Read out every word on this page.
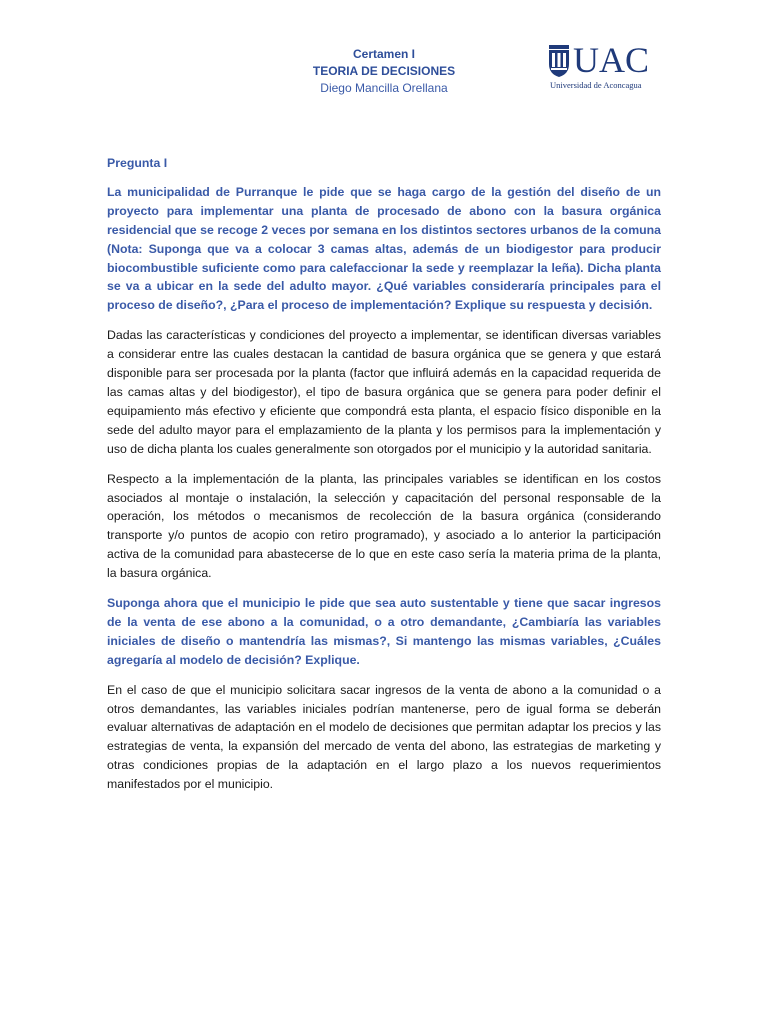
Certamen I
TEORIA DE DECISIONES
Diego Mancilla Orellana
UAC
Universidad de Aconcagua

Pregunta I

La municipalidad de Purranque le pide que se haga cargo de la gestión del diseño de un proyecto para implementar una planta de procesado de abono con la basura orgánica residencial que se recoge 2 veces por semana en los distintos sectores urbanos de la comuna (Nota: Suponga que va a colocar 3 camas altas, además de un biodigestor para producir biocombustible suficiente como para calefaccionar la sede y reemplazar la leña). Dicha planta se va a ubicar en la sede del adulto mayor. ¿Qué variables consideraría principales para el proceso de diseño?, ¿Para el proceso de implementación? Explique su respuesta y decisión.

Dadas las características y condiciones del proyecto a implementar, se identifican diversas variables a considerar entre las cuales destacan la cantidad de basura orgánica que se genera y que estará disponible para ser procesada por la planta (factor que influirá además en la capacidad requerida de las camas altas y del biodigestor), el tipo de basura orgánica que se genera para poder definir el equipamiento más efectivo y eficiente que compondrá esta planta, el espacio físico disponible en la sede del adulto mayor para el emplazamiento de la planta y los permisos para la implementación y uso de dicha planta los cuales generalmente son otorgados por el municipio y la autoridad sanitaria.

Respecto a la implementación de la planta, las principales variables se identifican en los costos asociados al montaje o instalación, la selección y capacitación del personal responsable de la operación, los métodos o mecanismos de recolección de la basura orgánica (considerando transporte y/o puntos de acopio con retiro programado), y asociado a lo anterior la participación activa de la comunidad para abastecerse de lo que en este caso sería la materia prima de la planta, la basura orgánica.

Suponga ahora que el municipio le pide que sea auto sustentable y tiene que sacar ingresos de la venta de ese abono a la comunidad, o a otro demandante, ¿Cambiaría las variables iniciales de diseño o mantendría las mismas?, Si mantengo las mismas variables, ¿Cuáles agregaría al modelo de decisión? Explique.

En el caso de que el municipio solicitara sacar ingresos de la venta de abono a la comunidad o a otros demandantes, las variables iniciales podrían mantenerse, pero de igual forma se deberán evaluar alternativas de adaptación en el modelo de decisiones que permitan adaptar los precios y las estrategias de venta, la expansión del mercado de venta del abono, las estrategias de marketing y otras condiciones propias de la adaptación en el largo plazo a los nuevos requerimientos manifestados por el municipio.
